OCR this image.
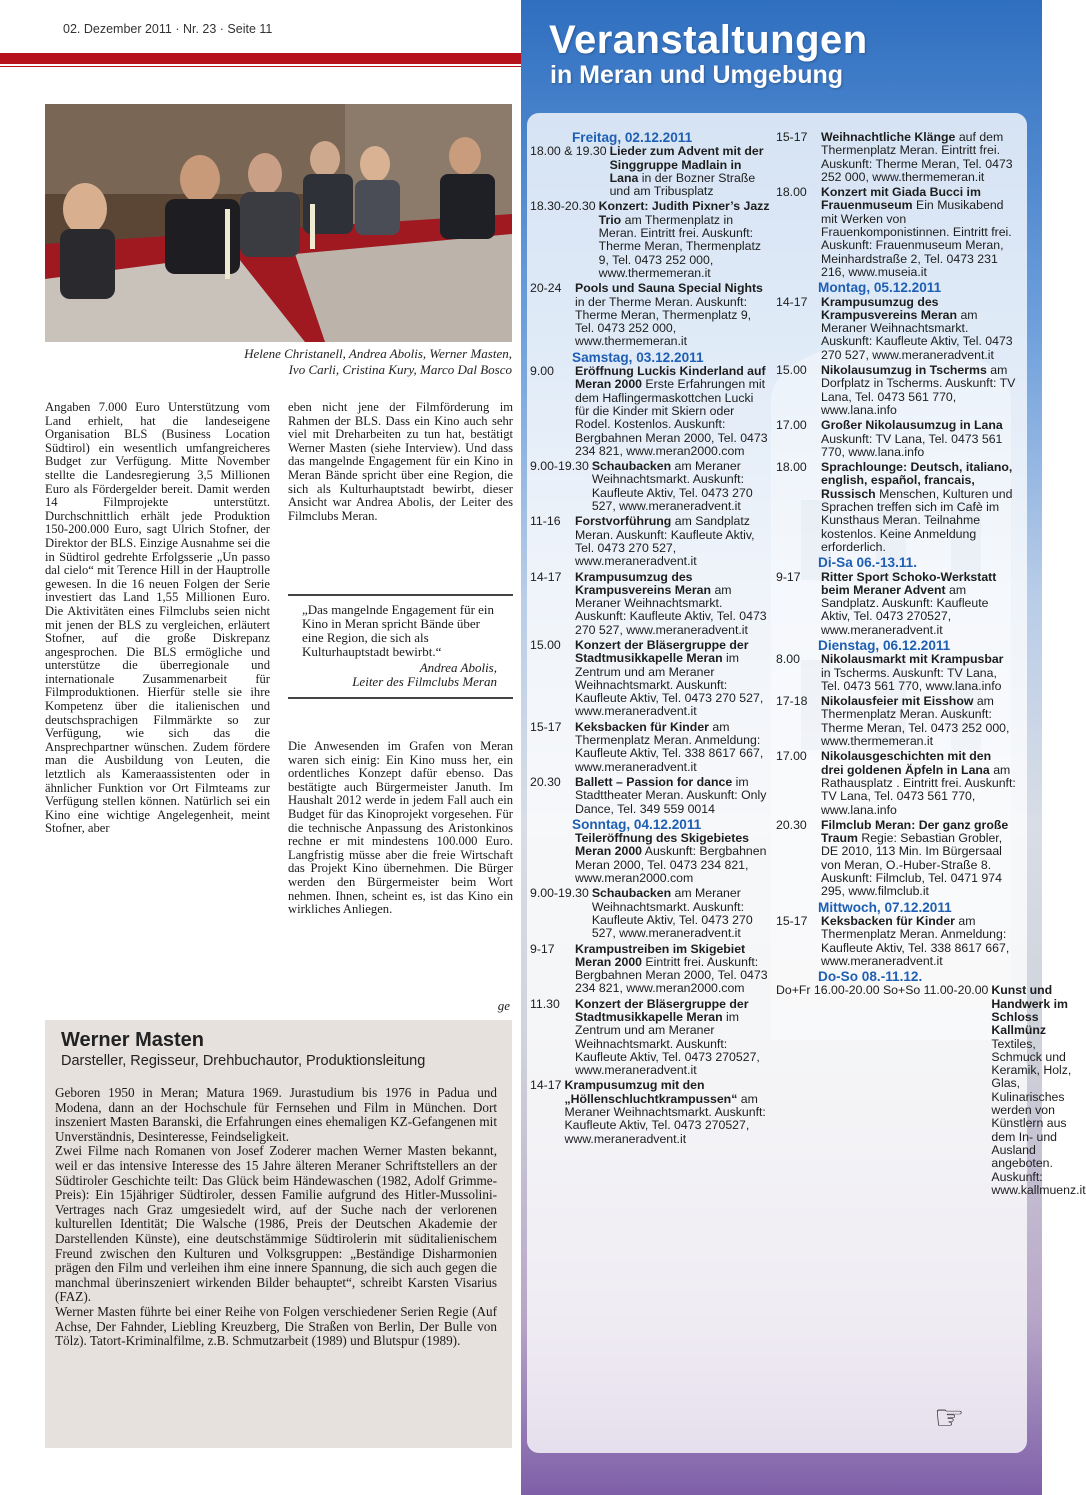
02. Dezember 2011 · Nr. 23 · Seite 11
Helene Christanell, Andrea Abolis, Werner Masten,
Ivo Carli, Cristina Kury, Marco Dal Bosco
Angaben 7.000 Euro Unterstützung vom Land erhielt, hat die landeseigene Organisation BLS (Business Location Südtirol) ein wesentlich umfangreicheres Budget zur Verfügung. Mitte November stellte die Landesregierung 3,5 Millionen Euro als Fördergelder bereit. Damit werden 14 Filmprojekte unterstützt. Durchschnittlich erhält jede Produktion 150-200.000 Euro, sagt Ulrich Stofner, der Direktor der BLS. Einzige Ausnahme sei die in Südtirol gedrehte Erfolgsserie „Un passo dal cielo“ mit Terence Hill in der Hauptrolle gewesen. In die 16 neuen Folgen der Serie investiert das Land 1,55 Millionen Euro. Die Aktivitäten eines Filmclubs seien nicht mit jenen der BLS zu vergleichen, erläutert Stofner, auf die große Diskrepanz angesprochen. Die BLS ermögliche und unterstütze die überregionale und internationale Zusammenarbeit für Filmproduktionen. Hierfür stelle sie ihre Kompetenz über die italienischen und deutschsprachigen Filmmärkte so zur Verfügung, wie sich das die Ansprechpartner wünschen. Zudem fördere man die Ausbildung von Leuten, die letztlich als Kameraassistenten oder in ähnlicher Funktion vor Ort Filmteams zur Verfügung stellen können. Natürlich sei ein Kino eine wichtige Angelegenheit, meint Stofner, aber
eben nicht jene der Filmförderung im Rahmen der BLS. Dass ein Kino auch sehr viel mit Dreharbeiten zu tun hat, bestätigt Werner Masten (siehe Interview). Und dass das mangelnde Engagement für ein Kino in Meran Bände spricht über eine Region, die sich als Kulturhauptstadt bewirbt, dieser Ansicht war Andrea Abolis, der Leiter des Filmclubs Meran.
„Das mangelnde Engagement für ein Kino in Meran spricht Bände über eine Region, die sich als Kulturhauptstadt bewirbt.“
Andrea Abolis,
Leiter des Filmclubs Meran
Die Anwesenden im Grafen von Meran waren sich einig: Ein Kino muss her, ein ordentliches Konzept dafür ebenso. Das bestätigte auch Bürgermeister Januth. Im Haushalt 2012 werde in jedem Fall auch ein Budget für das Kinoprojekt vorgesehen. Für die technische Anpassung des Aristonkinos rechne er mit mindestens 100.000 Euro. Langfristig müsse aber die freie Wirtschaft das Projekt Kino übernehmen. Die Bürger werden den Bürgermeister beim Wort nehmen. Ihnen, scheint es, ist das Kino ein wirkliches Anliegen.
ge
Werner Masten
Darsteller, Regisseur, Drehbuchautor, Produktionsleitung

Geboren 1950 in Meran; Matura 1969. Jurastudium bis 1976 in Padua und Modena, dann an der Hochschule für Fernsehen und Film in München. Dort inszeniert Masten Baranski, die Erfahrungen eines ehemaligen KZ-Gefangenen mit Unverständnis, Desinteresse, Feindseligkeit.

Zwei Filme nach Romanen von Josef Zoderer machen Werner Masten bekannt, weil er das intensive Interesse des 15 Jahre älteren Meraner Schriftstellers an der Südtiroler Geschichte teilt: Das Glück beim Händewaschen (1982, Adolf Grimme-Preis): Ein 15jähriger Südtiroler, dessen Familie aufgrund des Hitler-Mussolini-Vertrages nach Graz umgesiedelt wird, auf der Suche nach der verlorenen kulturellen Identität; Die Walsche (1986, Preis der Deutschen Akademie der Darstellenden Künste), eine deutschstämmige Südtirolerin mit süditalienischem Freund zwischen den Kulturen und Volksgruppen: „Beständige Disharmonien prägen den Film und verleihen ihm eine innere Spannung, die sich auch gegen die manchmal überinszeniert wirkenden Bilder behauptet“, schreibt Karsten Visarius (FAZ).

Werner Masten führte bei einer Reihe von Folgen verschiedener Serien Regie (Auf Achse, Der Fahnder, Liebling Kreuzberg, Die Straßen von Berlin, Der Bulle von Tölz). Tatort-Kriminalfilme, z.B. Schmutzarbeit (1989) und Blutspur (1989).

Veranstaltungen
in Meran und Umgebung
Freitag, 02.12.2011
18.00 & 19.30 Lieder zum Advent mit der Singgruppe Madlain in Lana in der Bozner Straße und am Tribusplatz
18.30-20.30 Konzert: Judith Pixner’s Jazz Trio am Thermenplatz in Meran. Eintritt frei. Auskunft: Therme Meran, Thermenplatz 9, Tel. 0473 252 000, www.thermemeran.it
20-24	Pools und Sauna Special Nights in der Therme Meran. Auskunft: Therme Meran, Thermenplatz 9, Tel. 0473 252 000, www.thermemeran.it
Samstag, 03.12.2011
9.00	Eröffnung Luckis Kinderland auf Meran 2000 Erste Erfahrungen mit dem Haflingermaskottchen Lucki für die Kinder mit Skiern oder Rodel. Kostenlos. Auskunft: Bergbahnen Meran 2000, Tel. 0473 234 821, www.meran2000.com
9.00-19.30 Schaubacken am Meraner Weihnachtsmarkt. Auskunft: Kaufleute Aktiv, Tel. 0473 270 527, www.meraneradvent.it
11-16	Forstvorführung am Sandplatz Meran. Auskunft: Kaufleute Aktiv, Tel. 0473 270 527, www.meraneradvent.it
14-17	Krampusumzug des Krampusvereins Meran am Meraner Weihnachtsmarkt. Auskunft: Kaufleute Aktiv, Tel. 0473 270 527, www.meraneradvent.it
15.00	Konzert der Bläsergruppe der Stadtmusikkapelle Meran im Zentrum und am Meraner Weihnachtsmarkt. Auskunft: Kaufleute Aktiv, Tel. 0473 270 527, www.meraneradvent.it
15-17	Keksbacken für Kinder am Thermenplatz Meran. Anmeldung: Kaufleute Aktiv, Tel. 338 8617 667, www.meraneradvent.it
20.30	Ballett – Passion for dance im Stadttheater Meran. Auskunft: Only Dance, Tel. 349 559 0014
Sonntag, 04.12.2011
Teileröffnung des Skigebietes Meran 2000 Auskunft: Bergbahnen Meran 2000, Tel. 0473 234 821, www.meran2000.com
9.00-19.30 Schaubacken am Meraner Weihnachtsmarkt. Auskunft: Kaufleute Aktiv, Tel. 0473 270 527, www.meraneradvent.it
9-17	Krampustreiben im Skigebiet Meran 2000 Eintritt frei. Auskunft: Bergbahnen Meran 2000, Tel. 0473 234 821, www.meran2000.com
11.30	Konzert der Bläsergruppe der Stadtmusikkapelle Meran im Zentrum und am Meraner Weihnachtsmarkt. Auskunft: Kaufleute Aktiv, Tel. 0473 270527, www.meraneradvent.it
14-17 Krampusumzug mit den „Höllenschluchtkrampussen“ am Meraner Weihnachtsmarkt. Auskunft: Kaufleute Aktiv, Tel. 0473 270527, www.meraneradvent.it
15-17	Weihnachtliche Klänge auf dem Thermenplatz Meran. Eintritt frei. Auskunft: Therme Meran, Tel. 0473 252 000, www.thermemeran.it
18.00	Konzert mit Giada Bucci im Frauenmuseum Ein Musikabend mit Werken von Frauenkomponistinnen. Eintritt frei. Auskunft: Frauenmuseum Meran, Meinhardstraße 2, Tel. 0473 231 216, www.museia.it
Montag, 05.12.2011
14-17	Krampusumzug des Krampusvereins Meran am Meraner Weihnachtsmarkt. Auskunft: Kaufleute Aktiv, Tel. 0473 270 527, www.meraneradvent.it
15.00	Nikolausumzug in Tscherms am Dorfplatz in Tscherms. Auskunft: TV Lana, Tel. 0473 561 770, www.lana.info
17.00	Großer Nikolausumzug in Lana Auskunft: TV Lana, Tel. 0473 561 770, www.lana.info
18.00	Sprachlounge: Deutsch, italiano, english, español, francais, Russisch Menschen, Kulturen und Sprachen treffen sich im Cafè im Kunsthaus Meran. Teilnahme kostenlos. Keine Anmeldung erforderlich.
Di-Sa 06.-13.11.
9-17	Ritter Sport Schoko-Werkstatt beim Meraner Advent am Sandplatz. Auskunft: Kaufleute Aktiv, Tel. 0473 270527, www.meraneradvent.it
Dienstag, 06.12.2011
8.00	Nikolausmarkt mit Krampusbar in Tscherms. Auskunft: TV Lana, Tel. 0473 561 770, www.lana.info
17-18	Nikolausfeier mit Eisshow am Thermenplatz Meran. Auskunft: Therme Meran, Tel. 0473 252 000, www.thermemeran.it
17.00	Nikolausgeschichten mit den drei goldenen Äpfeln in Lana am Rathausplatz . Eintritt frei. Auskunft: TV Lana, Tel. 0473 561 770, www.lana.info
20.30	Filmclub Meran: Der ganz große Traum Regie: Sebastian Grobler, DE 2010, 113 Min. Im Bürgersaal von Meran, O.-Huber-Straße 8. Auskunft: Filmclub, Tel. 0471 974 295, www.filmclub.it
Mittwoch, 07.12.2011
15-17	Keksbacken für Kinder am Thermenplatz Meran. Anmeldung: Kaufleute Aktiv, Tel. 338 8617 667, www.meraneradvent.it
Do-So 08.-11.12.
Do+Fr 16.00-20.00 So+So 11.00-20.00 Kunst und Handwerk im Schloss Kallmünz Textiles, Schmuck und Keramik, Holz, Glas, Kulinarisches werden von Künstlern aus dem In- und Ausland angeboten. Auskunft: www.kallmuenz.it
☞
